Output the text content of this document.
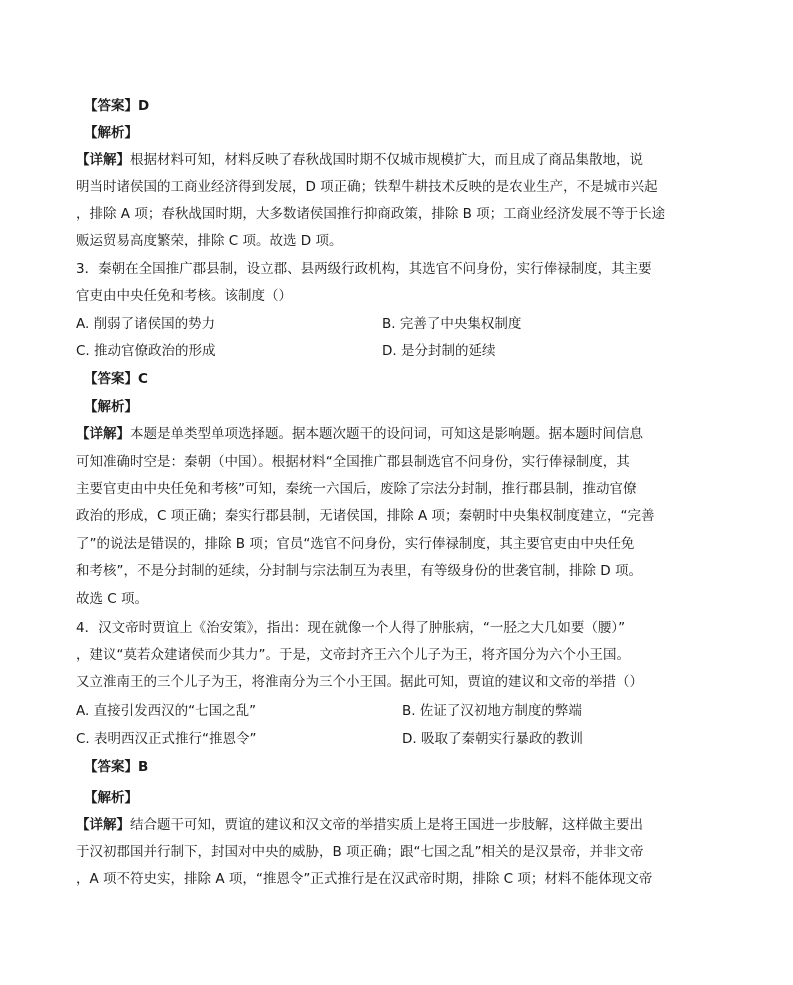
【答案】D
【解析】
【详解】根据材料可知，材料反映了春秋战国时期不仅城市规模扩大，而且成了商品集散地，说
明当时诸侯国的工商业经济得到发展，D 项正确；铁犁牛耕技术反映的是农业生产，不是城市兴起
，排除 A 项；春秋战国时期，大多数诸侯国推行抑商政策，排除 B 项；工商业经济发展不等于长途
贩运贸易高度繁荣，排除 C 项。故选 D 项。
3．秦朝在全国推广郡县制，设立郡、县两级行政机构，其选官不问身份，实行俸禄制度，其主要
官吏由中央任免和考核。该制度（）
A. 削弱了诸侯国的势力	B. 完善了中央集权制度
C. 推动官僚政治的形成	D. 是分封制的延续
【答案】C
【解析】
【详解】本题是单类型单项选择题。据本题次题干的设问词，可知这是影响题。据本题时间信息
可知准确时空是：秦朝（中国）。根据材料“全国推广郡县制选官不问身份，实行俸禄制度，其
主要官吏由中央任免和考核”可知，秦统一六国后，废除了宗法分封制，推行郡县制，推动官僚
政治的形成，C 项正确；秦实行郡县制，无诸侯国，排除 A 项；秦朝时中央集权制度建立，“完善
了”的说法是错误的，排除 B 项；官员“选官不问身份，实行俸禄制度，其主要官吏由中央任免
和考核”，不是分封制的延续，分封制与宗法制互为表里，有等级身份的世袭官制，排除 D 项。
故选 C 项。
4．汉文帝时贾谊上《治安策》，指出：现在就像一个人得了肿胀病，“一胫之大几如要（腰）”
，建议“莫若众建诸侯而少其力”。于是，文帝封齐王六个儿子为王，将齐国分为六个小王国。
又立淮南王的三个儿子为王，将淮南分为三个小王国。据此可知，贾谊的建议和文帝的举措（）
A. 直接引发西汉的“七国之乱”	B. 佐证了汉初地方制度的弊端
C. 表明西汉正式推行“推恩令”	D. 吸取了秦朝实行暴政的教训
【答案】B
【解析】
【详解】结合题干可知，贾谊的建议和汉文帝的举措实质上是将王国进一步肢解，这样做主要出
于汉初郡国并行制下，封国对中央的威胁，B 项正确；跟“七国之乱”相关的是汉景帝，并非文帝
，A 项不符史实，排除 A 项，“推恩令”正式推行是在汉武帝时期，排除 C 项；材料不能体现文帝
